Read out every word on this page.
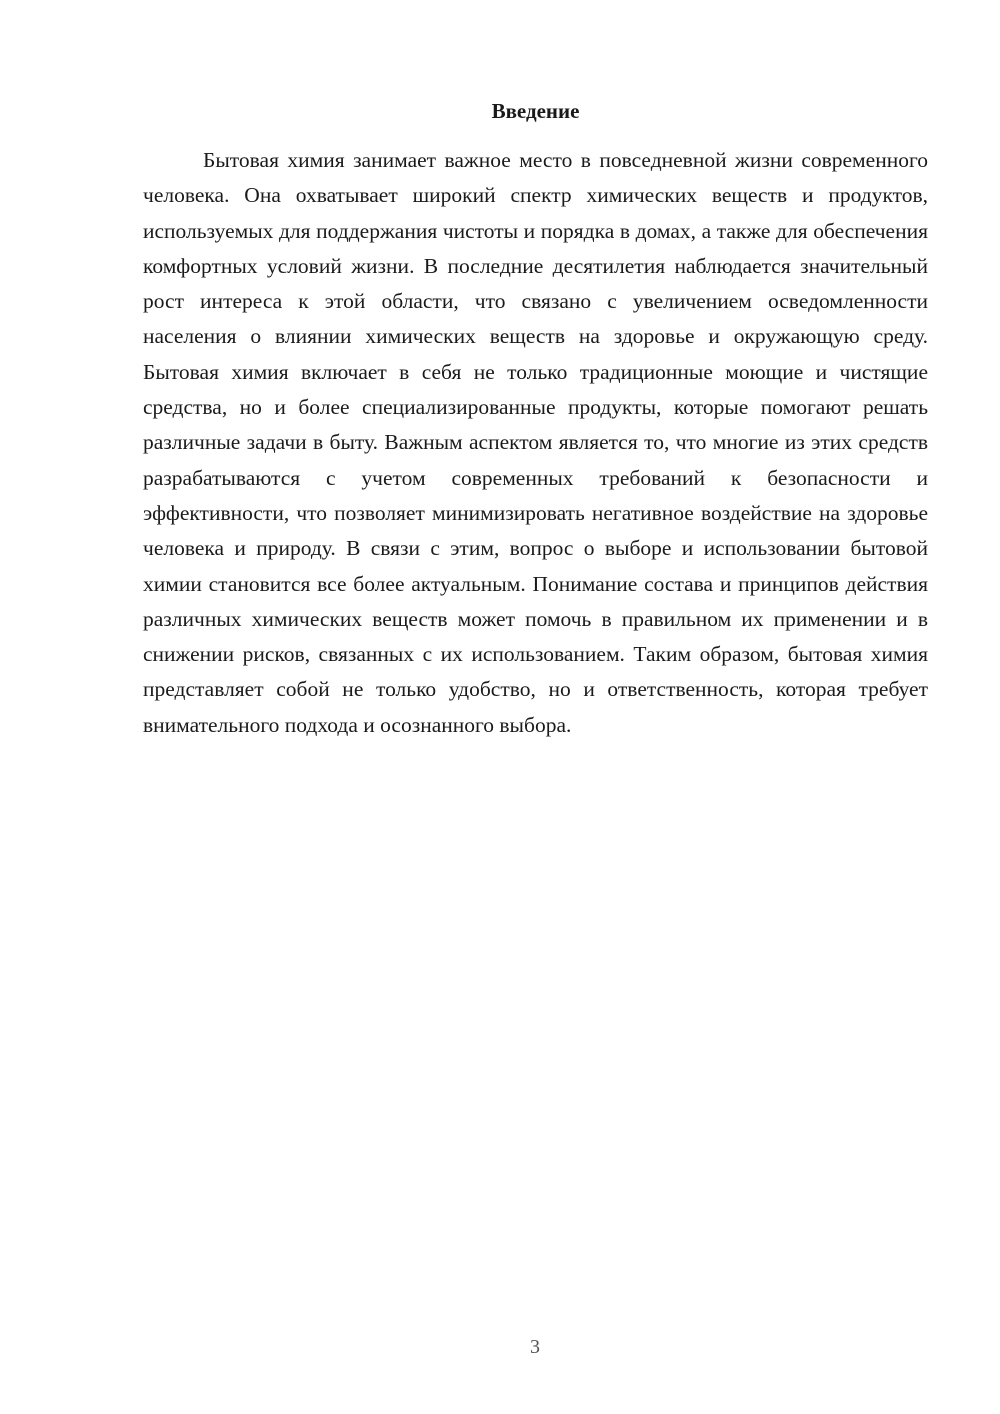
Введение

Бытовая химия занимает важное место в повседневной жизни современного человека. Она охватывает широкий спектр химических веществ и продуктов, используемых для поддержания чистоты и порядка в домах, а также для обеспечения комфортных условий жизни. В последние десятилетия наблюдается значительный рост интереса к этой области, что связано с увеличением осведомленности населения о влиянии химических веществ на здоровье и окружающую среду. Бытовая химия включает в себя не только традиционные моющие и чистящие средства, но и более специализированные продукты, которые помогают решать различные задачи в быту. Важным аспектом является то, что многие из этих средств разрабатываются с учетом современных требований к безопасности и эффективности, что позволяет минимизировать негативное воздействие на здоровье человека и природу. В связи с этим, вопрос о выборе и использовании бытовой химии становится все более актуальным. Понимание состава и принципов действия различных химических веществ может помочь в правильном их применении и в снижении рисков, связанных с их использованием. Таким образом, бытовая химия представляет собой не только удобство, но и ответственность, которая требует внимательного подхода и осознанного выбора.

3
